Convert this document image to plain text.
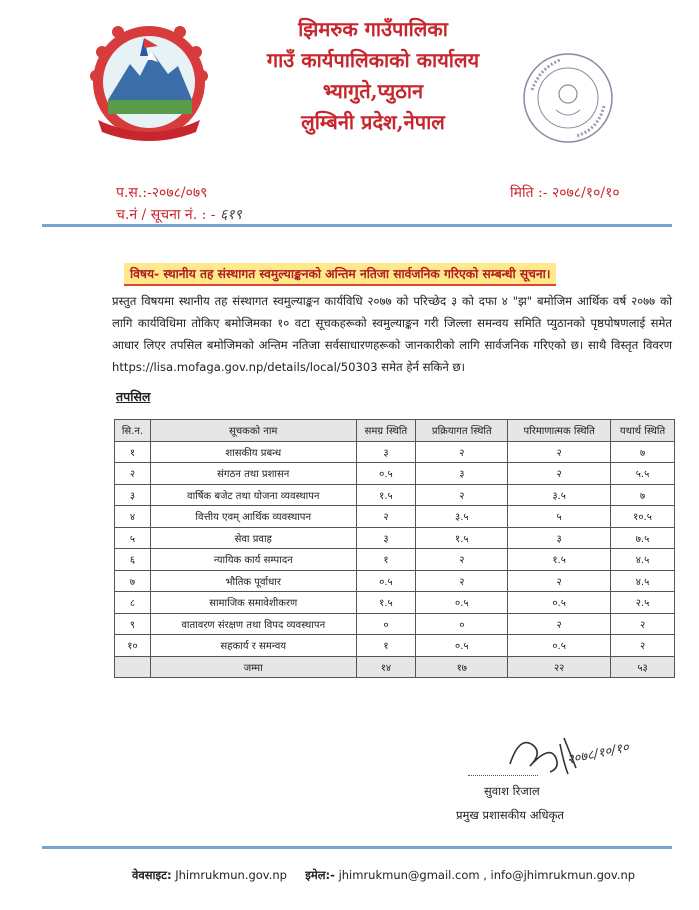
झिमरुक गाउँपालिका
गाउँ कार्यपालिकाको कार्यालय
भ्यागुते,प्युठान
लुम्बिनी प्रदेश,नेपाल
प.स.:-२०७८/०७९	मिति :- २०७८/१०/१०
च.नं / सूचना नं. : - ६१९
विषय- स्थानीय तह संस्थागत स्वमुल्याङ्कनको अन्तिम नतिजा सार्वजनिक गरिएको सम्बन्धी सूचना।
प्रस्तुत विषयमा स्थानीय तह संस्थागत स्वमुल्याङ्कन कार्यविधि २०७७ को परिच्छेद ३ को दफा ४ "झ" बमोजिम आर्थिक वर्ष २०७७ को लागि कार्यविधिमा तोकिए बमोजिमका १० वटा सूचकहरूको स्वमुल्याङ्कन गरी जिल्ला समन्वय समिति प्युठानको पृष्ठपोषणलाई समेत आधार लिएर तपसिल बमोजिमको अन्तिम नतिजा सर्वसाधारणहरूको जानकारीको लागि सार्वजनिक गरिएको छ। साथै विस्तृत विवरण https://lisa.mofaga.gov.np/details/local/50303 समेत हेर्न सकिने छ।
तपसिल
सि.न.	सूचकको नाम	समग्र स्थिति	प्रक्रियागत स्थिति	परिमाणात्मक स्थिति	यथार्थ स्थिति
१	शासकीय प्रबन्ध	३	२	२	७
२	संगठन तथा प्रशासन	०.५	३	२	५.५
३	वार्षिक बजेट तथा योजना व्यवस्थापन	१.५	२	३.५	७
४	वित्तीय एवम् आर्थिक व्यवस्थापन	२	३.५	५	१०.५
५	सेवा प्रवाह	३	१.५	३	७.५
६	न्यायिक कार्य सम्पादन	१	२	१.५	४.५
७	भौतिक पूर्वाधार	०.५	२	२	४.५
८	सामाजिक समावेशीकरण	१.५	०.५	०.५	२.५
९	वातावरण संरक्षण तथा विपद व्यवस्थापन	०	०	२	२
१०	सहकार्य र समन्वय	१	०.५	०.५	२
	जम्मा	१४	१७	२२	५३
२०७८/१०/१०
सुवाश रिजाल
प्रमुख प्रशासकीय अधिकृत
वेवसाइट: Jhimrukmun.gov.np इमेल:- jhimrukmun@gmail.com , info@jhimrukmun.gov.np
